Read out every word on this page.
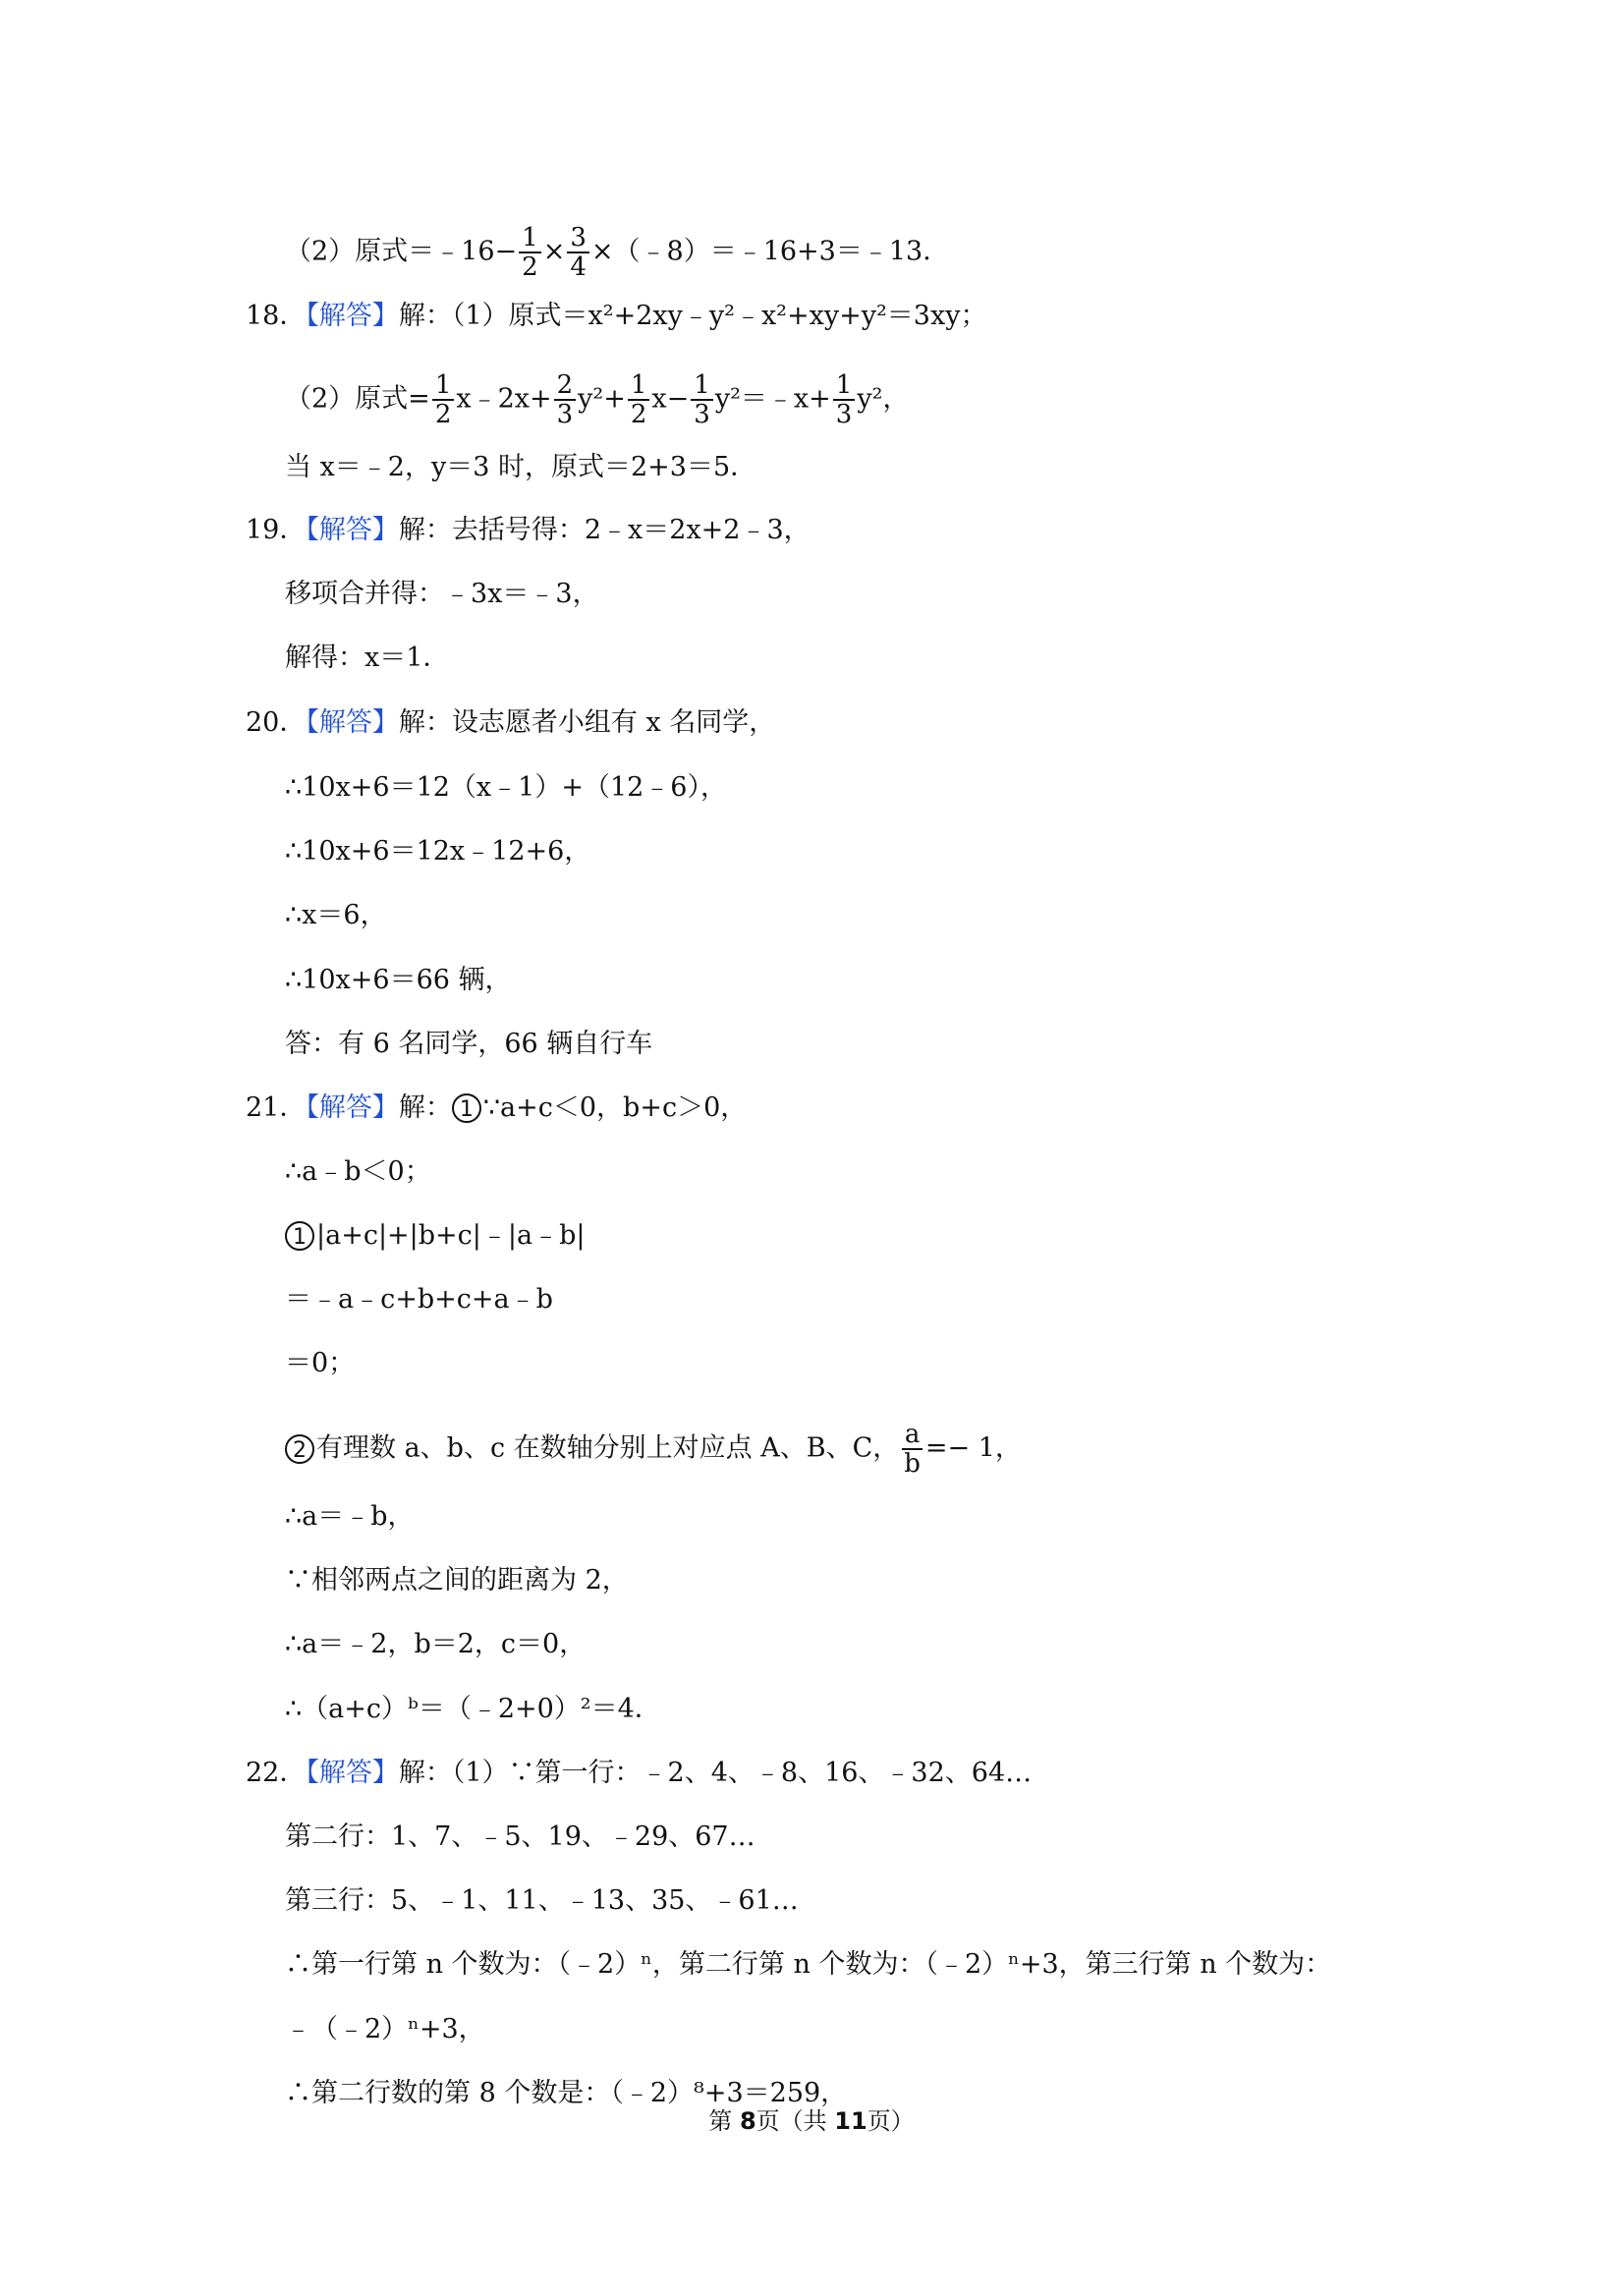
（2）原式＝﹣16− $\frac{1}{2} \times \frac{3}{4}$ ×（﹣8）＝﹣16+3＝﹣13．
18．【解答】解：（1）原式＝x²+2xy﹣y²﹣x²+xy+y²＝3xy；
（2）原式= $\frac{1}{2}$ x﹣2x+ $\frac{2}{3} y^2+ \frac{1}{2} x- \frac{1}{3}$ y²＝﹣x+ $\frac{1}{3} y^2$，
当 x＝﹣2，y＝3 时，原式＝2+3＝5．
19．【解答】解：去括号得：2﹣x＝2x+2﹣3，
移项合并得：﹣3x＝﹣3，
解得：x＝1．
20．【解答】解：设志愿者小组有 x 名同学，
∴10x+6＝12（x﹣1）+（12﹣6），
∴10x+6＝12x﹣12+6，
∴x＝6，
∴10x+6＝66 辆，
答：有 6 名同学，66 辆自行车
21．【解答】解： 1 ∵a+c＜0，b+c＞0，
∴a﹣b＜0；
1 |a+c|+|b+c|﹣|a﹣b|
＝﹣a﹣c+b+c+a﹣b
＝0；
2 有理数 a、b、c 在数轴分别上对应点 A、B、C， $\frac{a}{b} =- 1$，
∴a＝﹣b，
∵相邻两点之间的距离为 2，
∴a＝﹣2，b＝2，c＝0，
∴（a+c）ᵇ＝（﹣2+0）²＝4．
22．【解答】解：（1）∵第一行：﹣2、4、﹣8、16、﹣32、64…
第二行：1、7、﹣5、19、﹣29、67…
第三行：5、﹣1、11、﹣13、35、﹣61…
∴第一行第 n 个数为：（﹣2）ⁿ，第二行第 n 个数为：（﹣2）ⁿ+3，第三行第 n 个数为：
﹣（﹣2）ⁿ+3，
∴第二行数的第 8 个数是：（﹣2）⁸+3＝259，
第 8页（共 11页）
